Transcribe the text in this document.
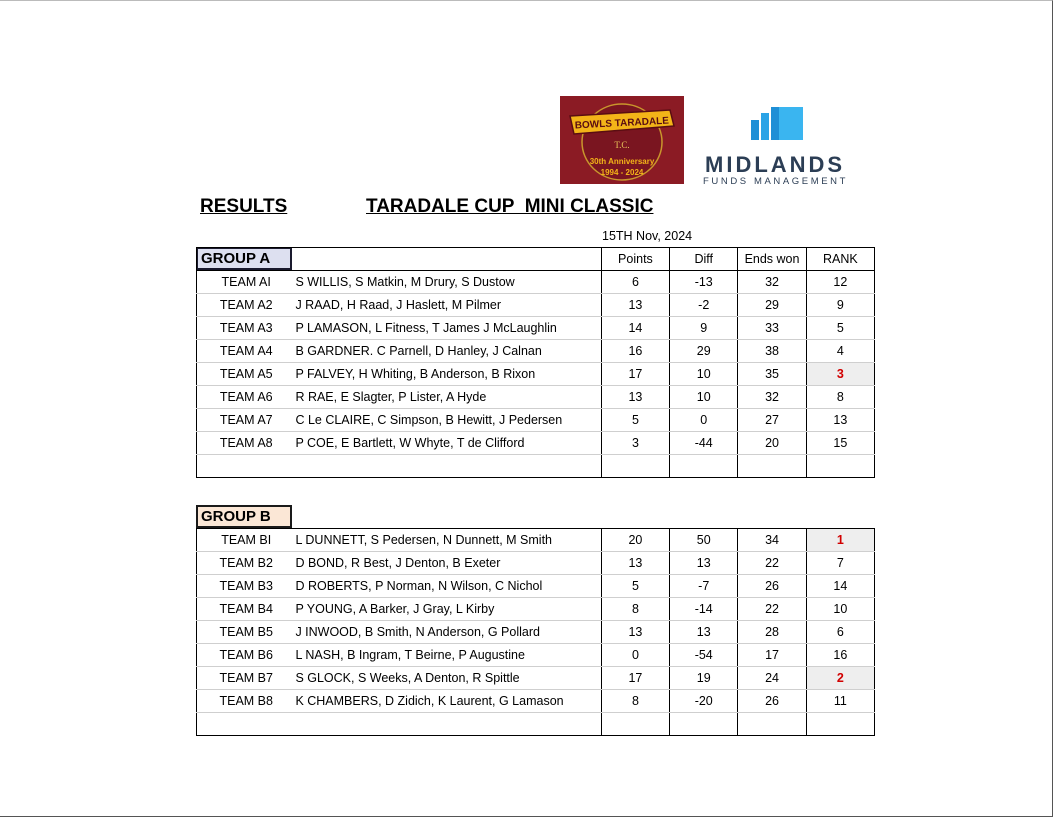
BOWLS TARADALE
T.C.
30th Anniversary
1994 - 2024	MIDLANDS
FUNDS MANAGEMENT
RESULTS	TARADALE CUP  MINI CLASSIC
15TH Nov, 2024
GROUP A
			Points	Diff	Ends won	RANK
TEAM AI	S WILLIS, S Matkin, M Drury, S Dustow	6	-13	32	12
TEAM A2	J RAAD, H Raad, J Haslett, M Pilmer	13	-2	29	9
TEAM A3	P LAMASON, L Fitness, T James J McLaughlin	14	9	33	5
TEAM A4	B GARDNER. C Parnell, D Hanley, J Calnan	16	29	38	4
TEAM A5	P FALVEY, H Whiting, B Anderson, B Rixon	17	10	35	3
TEAM A6	R RAE, E Slagter, P Lister, A Hyde	13	10	32	8
TEAM A7	C Le CLAIRE, C Simpson, B Hewitt, J Pedersen	5	0	27	13
TEAM A8	P COE, E Bartlett, W Whyte, T de Clifford	3	-44	20	15

GROUP B
TEAM BI	L DUNNETT, S Pedersen, N Dunnett, M Smith	20	50	34	1
TEAM B2	D BOND, R Best, J Denton, B Exeter	13	13	22	7
TEAM B3	D ROBERTS, P Norman, N Wilson, C Nichol	5	-7	26	14
TEAM B4	P YOUNG, A Barker, J Gray, L Kirby	8	-14	22	10
TEAM B5	J INWOOD, B Smith, N Anderson, G Pollard	13	13	28	6
TEAM B6	L NASH, B Ingram, T Beirne, P Augustine	0	-54	17	16
TEAM B7	S GLOCK, S Weeks, A Denton, R Spittle	17	19	24	2
TEAM B8	K CHAMBERS, D Zidich, K Laurent, G Lamason	8	-20	26	11
